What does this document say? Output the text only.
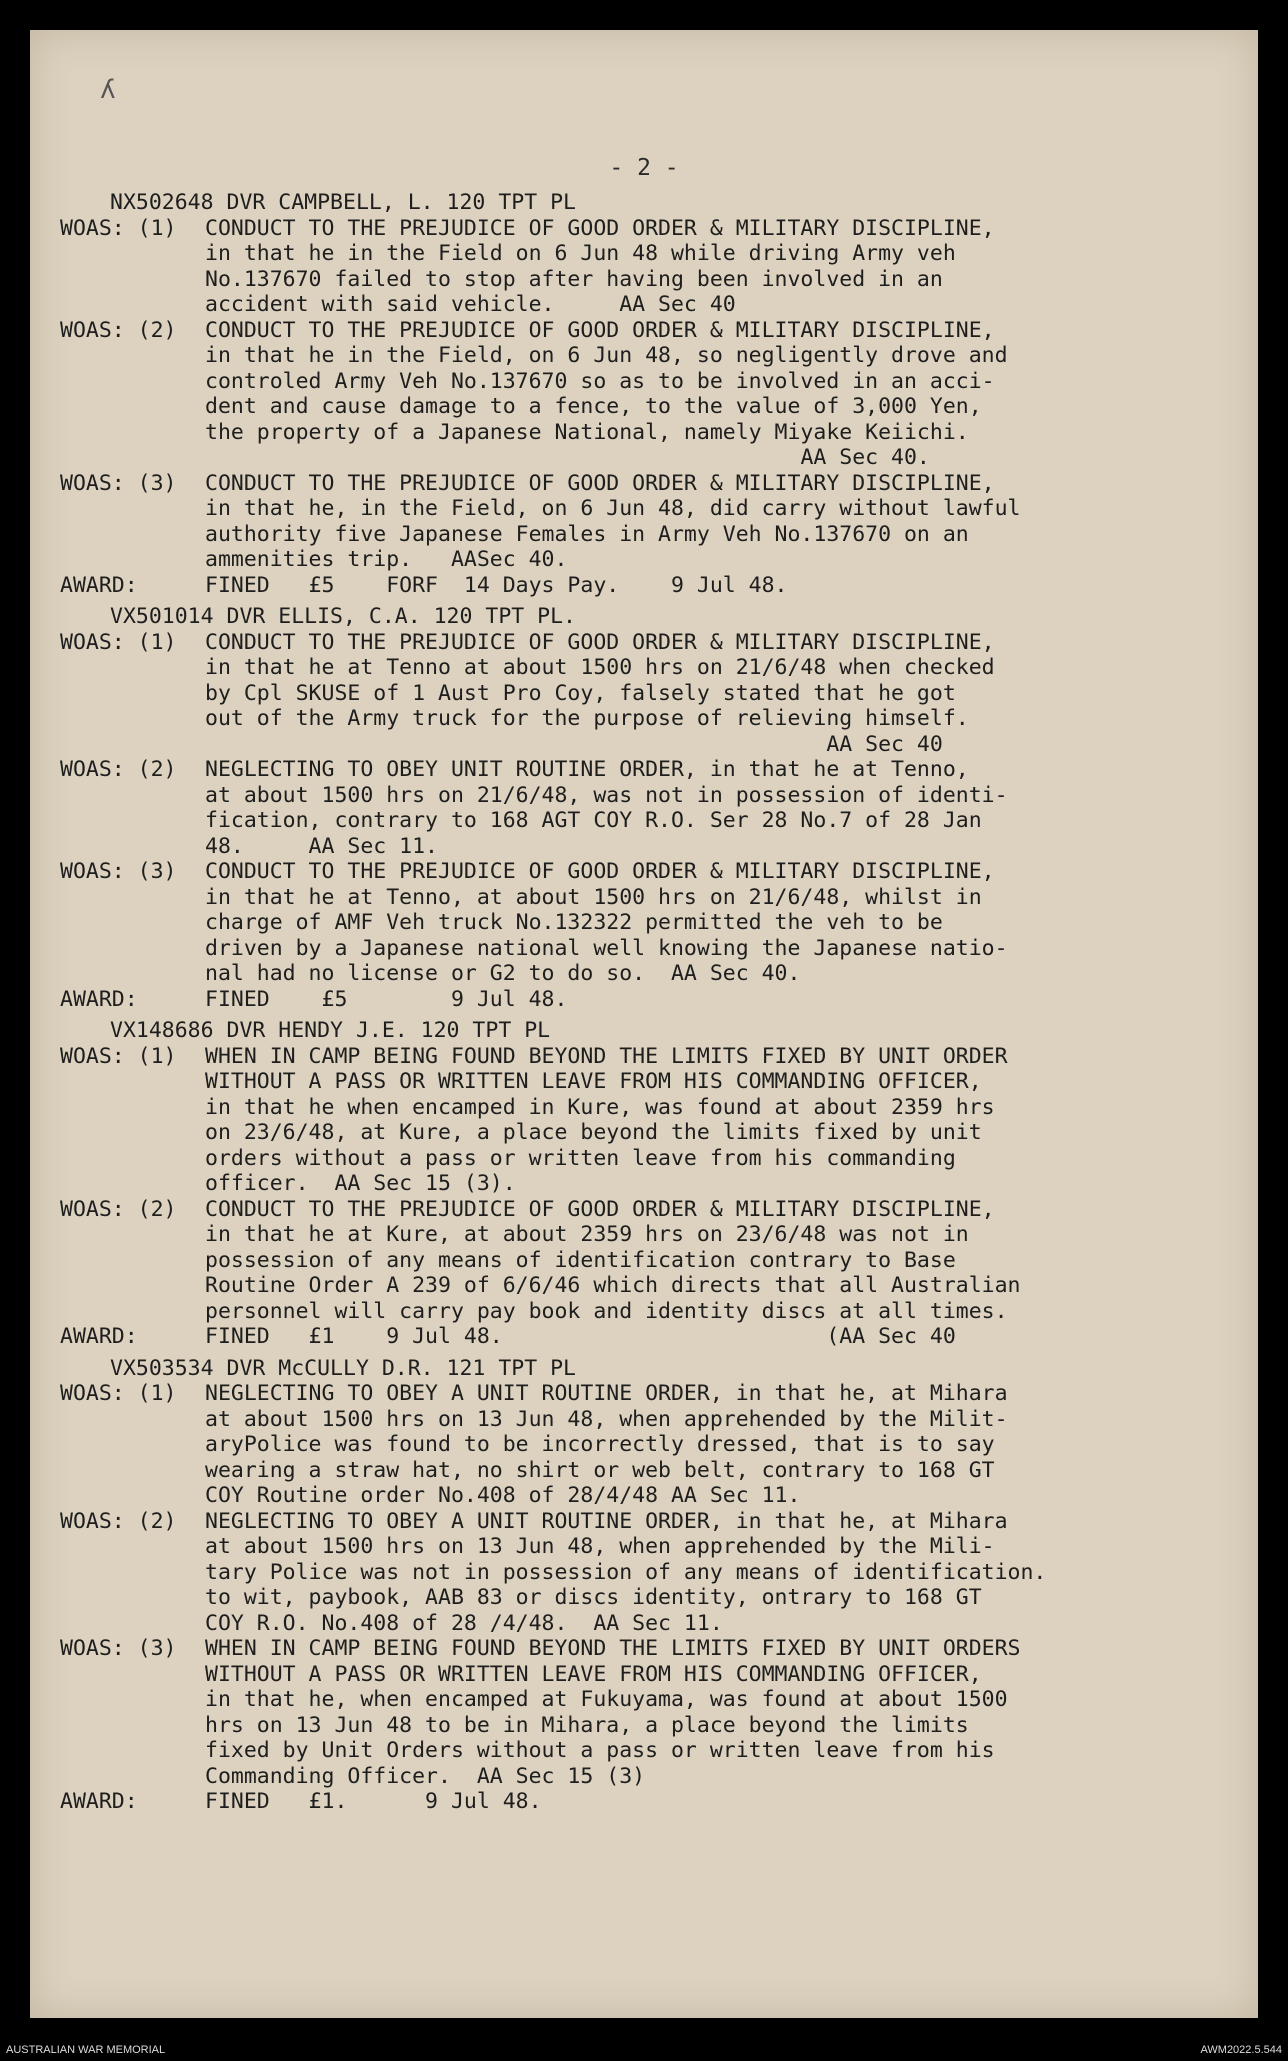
ʎ
- 2 -
NX502648 DVR CAMPBELL, L. 120 TPT PL
WOAS: (1)	CONDUCT TO THE PREJUDICE OF GOOD ORDER & MILITARY DISCIPLINE,
in that he in the Field on 6 Jun 48 while driving Army veh
No.137670 failed to stop after having been involved in an
accident with said vehicle.     AA Sec 40
WOAS: (2)	CONDUCT TO THE PREJUDICE OF GOOD ORDER & MILITARY DISCIPLINE,
in that he in the Field, on 6 Jun 48, so negligently drove and
controled Army Veh No.137670 so as to be involved in an acci-
dent and cause damage to a fence, to the value of 3,000 Yen,
the property of a Japanese National, namely Miyake Keiichi.
AA Sec 40.
WOAS: (3)	CONDUCT TO THE PREJUDICE OF GOOD ORDER & MILITARY DISCIPLINE,
in that he, in the Field, on 6 Jun 48, did carry without lawful
authority five Japanese Females in Army Veh No.137670 on an
ammenities trip.   AASec 40.
AWARD:	FINED   £5    FORF  14 Days Pay.    9 Jul 48.
VX501014 DVR ELLIS, C.A. 120 TPT PL.
WOAS: (1)	CONDUCT TO THE PREJUDICE OF GOOD ORDER & MILITARY DISCIPLINE,
in that he at Tenno at about 1500 hrs on 21/6/48 when checked
by Cpl SKUSE of 1 Aust Pro Coy, falsely stated that he got
out of the Army truck for the purpose of relieving himself.
AA Sec 40
WOAS: (2)	NEGLECTING TO OBEY UNIT ROUTINE ORDER, in that he at Tenno,
at about 1500 hrs on 21/6/48, was not in possession of identi-
fication, contrary to 168 AGT COY R.O. Ser 28 No.7 of 28 Jan
48.     AA Sec 11.
WOAS: (3)	CONDUCT TO THE PREJUDICE OF GOOD ORDER & MILITARY DISCIPLINE,
in that he at Tenno, at about 1500 hrs on 21/6/48, whilst in
charge of AMF Veh truck No.132322 permitted the veh to be
driven by a Japanese national well knowing the Japanese natio-
nal had no license or G2 to do so.  AA Sec 40.
AWARD:	FINED    £5        9 Jul 48.
VX148686 DVR HENDY J.E. 120 TPT PL
WOAS: (1)	WHEN IN CAMP BEING FOUND BEYOND THE LIMITS FIXED BY UNIT ORDER
WITHOUT A PASS OR WRITTEN LEAVE FROM HIS COMMANDING OFFICER,
in that he when encamped in Kure, was found at about 2359 hrs
on 23/6/48, at Kure, a place beyond the limits fixed by unit
orders without a pass or written leave from his commanding
officer.  AA Sec 15 (3).
WOAS: (2)	CONDUCT TO THE PREJUDICE OF GOOD ORDER & MILITARY DISCIPLINE,
in that he at Kure, at about 2359 hrs on 23/6/48 was not in
possession of any means of identification contrary to Base
Routine Order A 239 of 6/6/46 which directs that all Australian
personnel will carry pay book and identity discs at all times.
AWARD:	FINED   £1    9 Jul 48.                         (AA Sec 40
VX503534 DVR McCULLY D.R. 121 TPT PL
WOAS: (1)	NEGLECTING TO OBEY A UNIT ROUTINE ORDER, in that he, at Mihara
at about 1500 hrs on 13 Jun 48, when apprehended by the Milit-
aryPolice was found to be incorrectly dressed, that is to say
wearing a straw hat, no shirt or web belt, contrary to 168 GT
COY Routine order No.408 of 28/4/48 AA Sec 11.
WOAS: (2)	NEGLECTING TO OBEY A UNIT ROUTINE ORDER, in that he, at Mihara
at about 1500 hrs on 13 Jun 48, when apprehended by the Mili-
tary Police was not in possession of any means of identification.
to wit, paybook, AAB 83 or discs identity, ontrary to 168 GT
COY R.O. No.408 of 28 /4/48.  AA Sec 11.
WOAS: (3)	WHEN IN CAMP BEING FOUND BEYOND THE LIMITS FIXED BY UNIT ORDERS
WITHOUT A PASS OR WRITTEN LEAVE FROM HIS COMMANDING OFFICER,
in that he, when encamped at Fukuyama, was found at about 1500
hrs on 13 Jun 48 to be in Mihara, a place beyond the limits
fixed by Unit Orders without a pass or written leave from his
Commanding Officer.  AA Sec 15 (3)
AWARD:	FINED   £1.      9 Jul 48.
AUSTRALIAN WAR MEMORIAL	AWM2022.5.544
